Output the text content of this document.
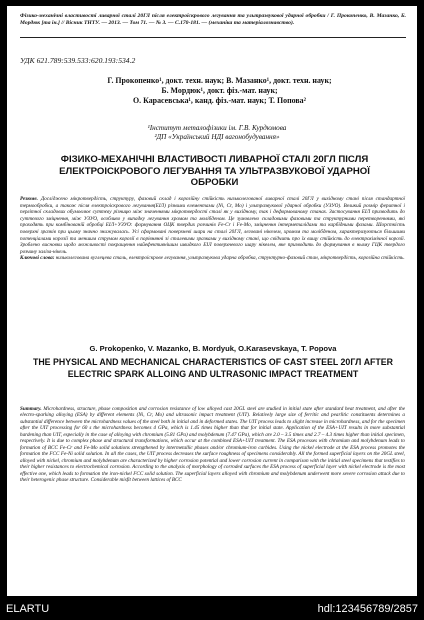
Фізико-механічні властивості ливарної сталі 20ГЛ після електроіскрового легування та ультразвукової ударної обробки / Г. Прокопенко, В. Мазанко, Б. Мордюк [та ін.] // Вісник ТНТУ. — 2013. — Том 71. — № 3. — С.170-181. — (механіка та матеріалознавство).
УДК 621.789:539.533:620.193:534.2
Г. Прокопенко¹, докт. техн. наук; В. Мазанко¹, докт. техн. наук;
Б. Мордюк¹, докт. фіз.-мат. наук;
О. Карасевська¹, канд. фіз.-мат. наук; Т. Попова²
¹Інститут металофізики ім. Г.В. Курдюмова
²ДП «Український НДІ вагонобудування»
ФІЗИКО-МЕХАНІЧНІ ВЛАСТИВОСТІ ЛИВАРНОЇ СТАЛІ 20ГЛ ПІСЛЯ ЕЛЕКТРОІСКРОВОГО ЛЕГУВАННЯ ТА УЛЬТРАЗВУКОВОЇ УДАРНОЇ ОБРОБКИ
Резюме. Досліджено мікротвердість, структуру, фазовий склад і корозійну стійкість низьколегованої ливарної сталі 20ГЛ у вихідному стані після стандартної термообробки, а також після електроіскрового легування(ЕІЛ) різними елементами (Ni, Cr, Mo) і ультразвукової ударної обробки (УЗУО). Великий розмір феритної і перлітної складових обумовлює суттєву різницю між значеннями мікротвердості сталі як у вихідному, так і деформованому станах. Застосування ЕІЛ призводить до суттєвого зміцнення, між УЗУО, особливо у випадку легування хромом та молібденом. Це зумовлено складовими фазовими та структурними перетвореннями, які проходять при комбінованій обробці ЕІЛ+УЗУО: формування ОЦК твердих розчинів Fe-Cr і Fe-Mo, зміцнення інтерметалідами та карбідними фазами. Шорсткість поверхні зразків при цьому значно знижувалась. Усі сформовані поверхневі шари на сталі 20ГЛ, леговані нікелем, хромом та молібденом, характеризуються більшими потенціалами корозії та меншим струмом корозії в порівнянні зі сталевими зразками у вихідному стані, що свідчить про їх вищу стійкість до електрохімічної корозії. Зроблено висновки щодо можливості покращення найефективнішим швидкого ЕІЛ поверхневого шару нікелем, яке призводить до формування в ньому ГЦК твердого розчину заліза-нікель.
Ключові слова: низьколегована вуглецева сталь, електроіскрове легування, ультразвукова ударна обробка, структурно-фазовий стан, мікротвердість, корозійна стійкість.
G. Prokopenko, V. Mazanko, B. Mordyuk, O.Karasevskaya, T. Popova
THE PHYSICAL AND MECHANICAL CHARACTERISTICS OF CAST STEEL 20ГЛ AFTER ELECTRIC SPARK ALLOING AND ULTRASONIC IMPACT TREATMENT
Summary. Microhardness, structure, phase composition and corrosion resistance of low alloyed cast 20GL steel are studied in initial state after standard heat treatment, and after the electro-sparking alloying (ESA) by different elements (Ni, Cr, Mo) and ultrasonic impact treatment (UIT). Relatively large size of ferritic and pearlitic constituents determines a substantial difference between the microhardness values of the steel both in initial and in deformed states. The UIT process leads to slight increase in microhardness, and for the specimen after the UIT processing for 60 s the microhardness becomes 4 GPa, which is 1.45 times higher than that for initial state. Application of the ESA+UIT results in more substantial hardening than UIT, especially in the case of alloying with chromium (5.81 GPa) and molybdenum (7.47 GPa), which are 2.0 – 3.5 times and 2.7 – 4.3 times higher than initial specimen, respectively. It is due to complex phase and structural transformations, which occur at the combined ESA+UIT treatment. The ESA processes with chromium and molybdenum leads to formation of BCC Fe-Cr and Fe-Mo solid solutions strengthened by intermetallic phases and/or chromium-iron carbides. Using the nickel electrode at the ESA process promotes the formation the FCC Fe-Ni solid solution. In all the cases, the UIT process decreases the surface roughness of specimens considerably. All the formed superficial layers on the 20GL steel, alloyed with nickel, chromium and molybdenum are characterized by higher corrosion potential and lower corrosion current in comparison with the initial steel specimens that testifies to their higher resistances to electrochemical corrosion. According to the analysis of morphology of corroded surfaces the ESA process of superficial layer with nickel electrode is the most effective one, which leads to formation the iron-nickel FCC solid solution. The superficial layers alloyed with chromium and molybdenum underwent more severe corrosion attack due to their heterogenic phase structure. Considerable misfit between lattices of BCC
ELARTU	hdl:123456789/2857
